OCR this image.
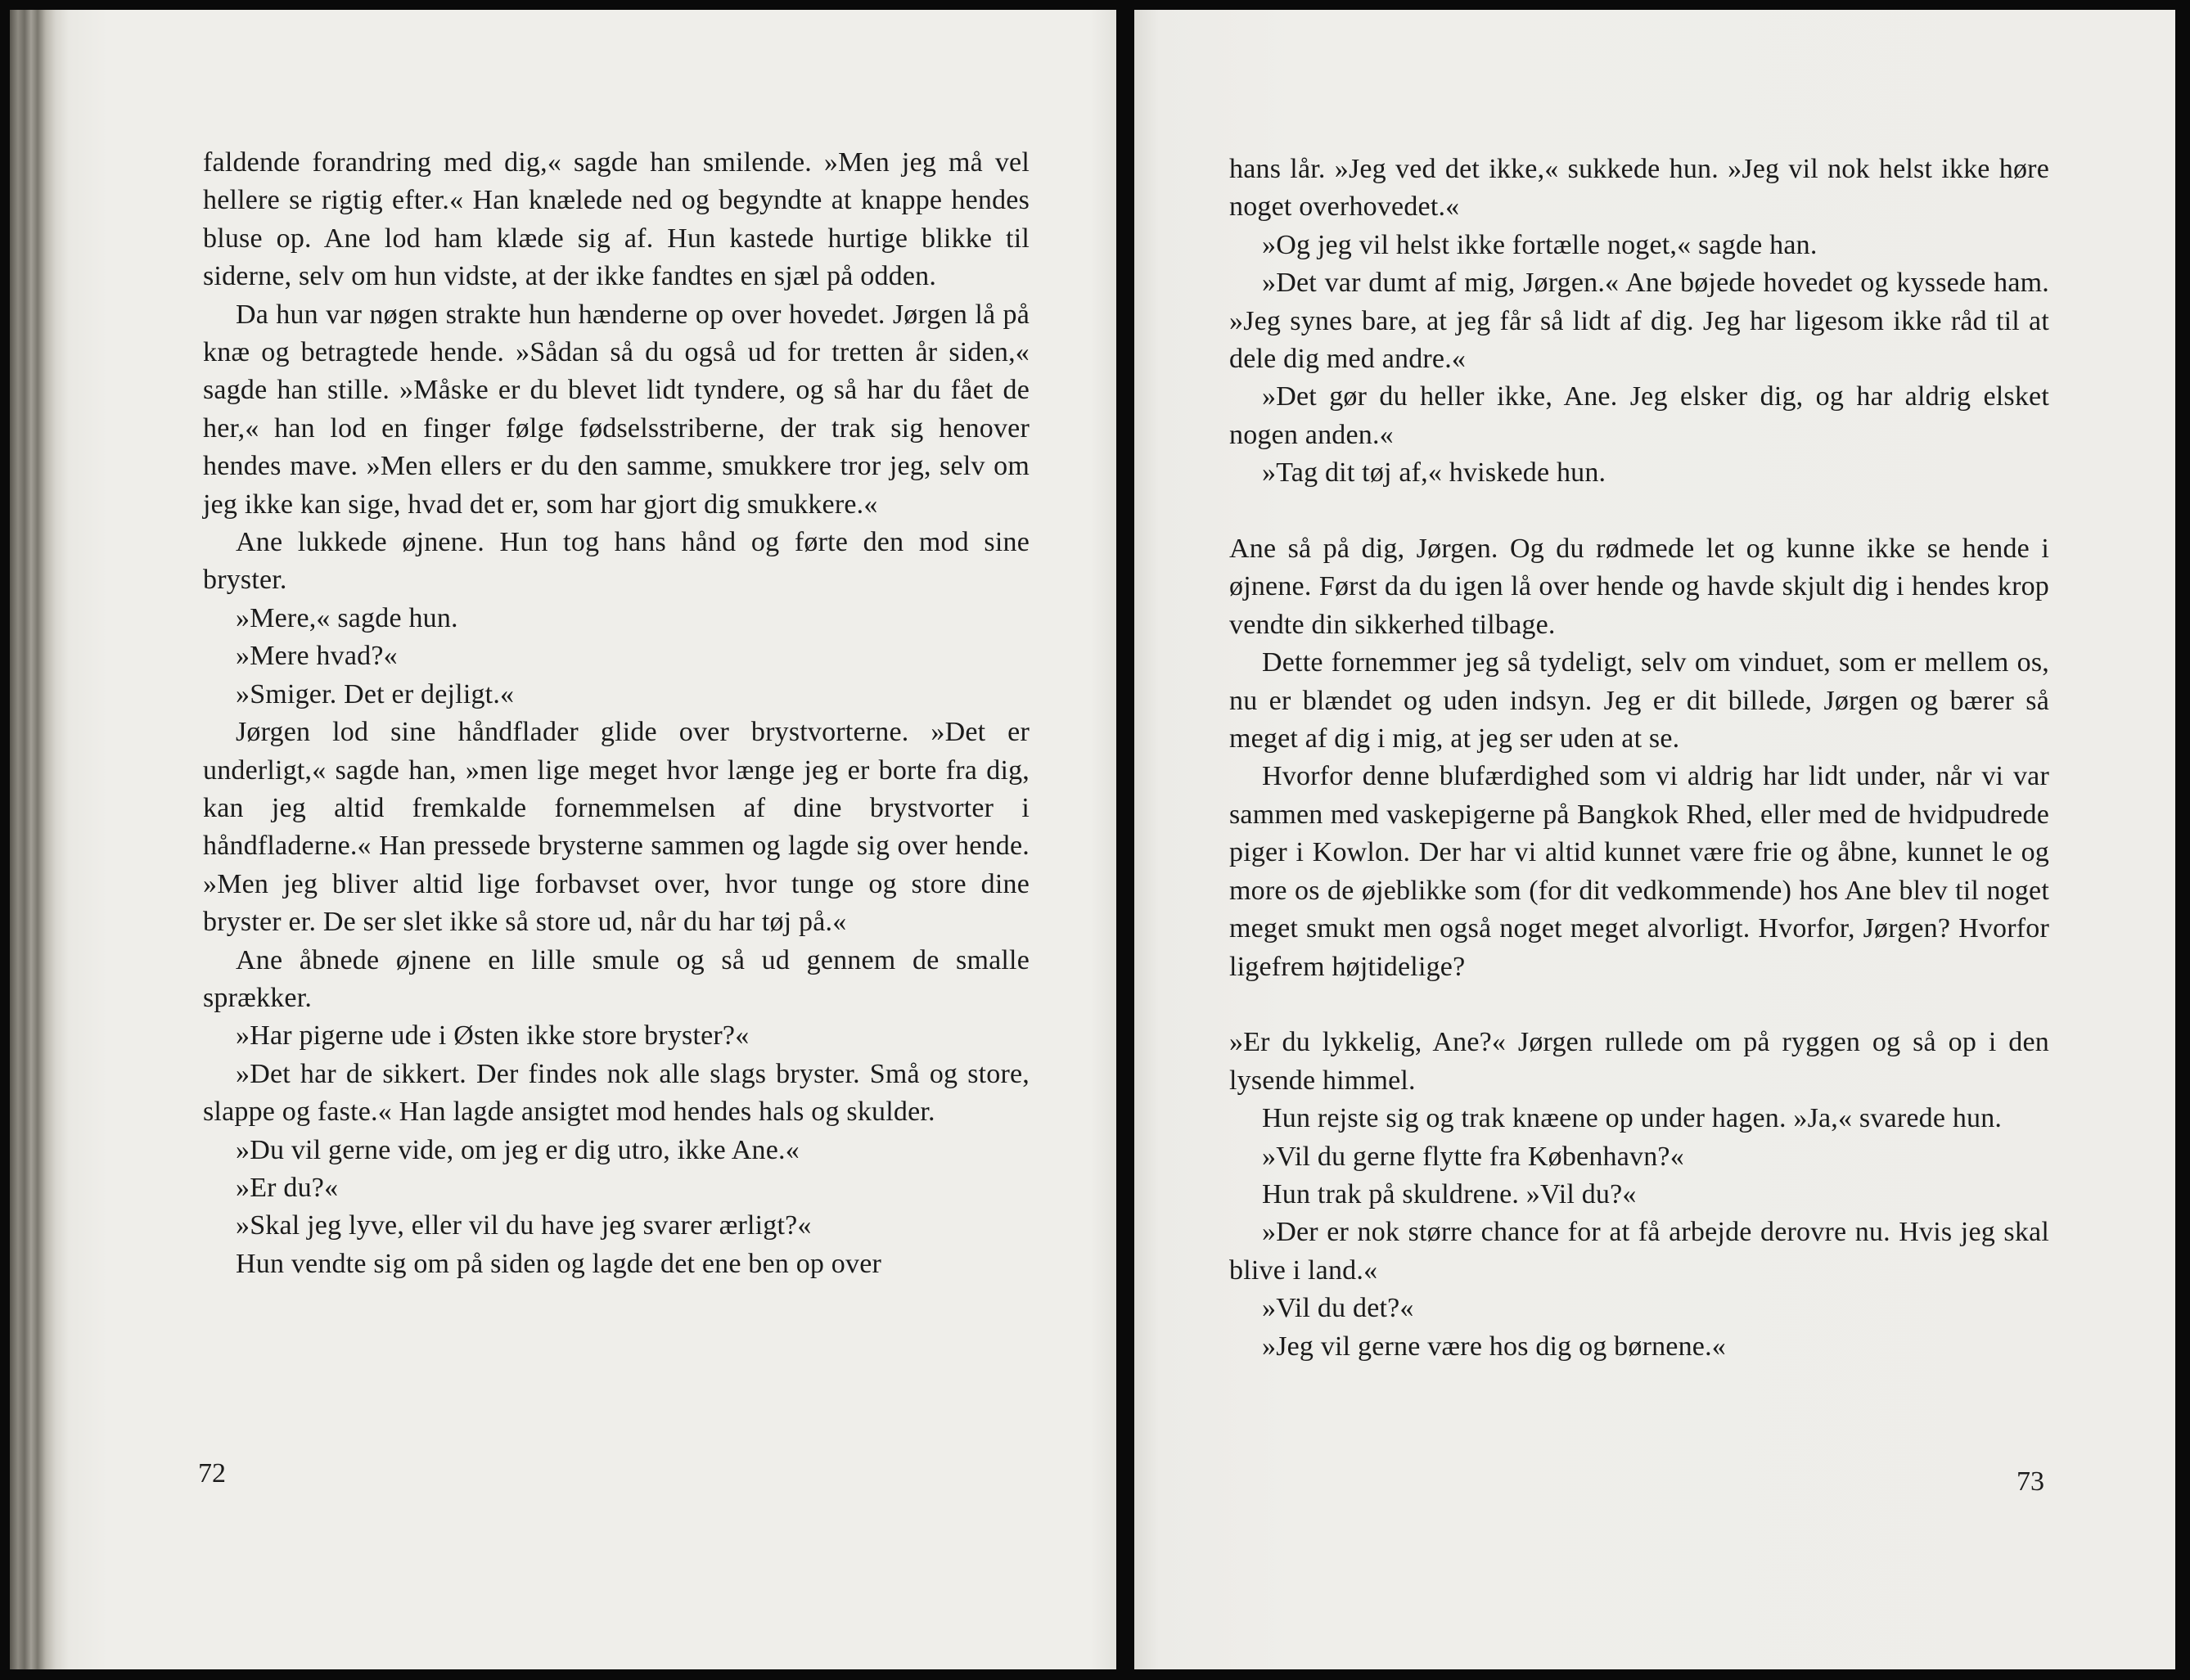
faldende forandring med dig,« sagde han smilende. »Men jeg må vel hellere se rigtig efter.« Han knælede ned og begyndte at knappe hendes bluse op. Ane lod ham klæde sig af. Hun kastede hurtige blikke til siderne, selv om hun vidste, at der ikke fandtes en sjæl på odden.

Da hun var nøgen strakte hun hænderne op over hovedet. Jørgen lå på knæ og betragtede hende. »Sådan så du også ud for tretten år siden,« sagde han stille. »Måske er du blevet lidt tyndere, og så har du fået de her,« han lod en finger følge fødselsstriberne, der trak sig henover hendes mave. »Men ellers er du den samme, smukkere tror jeg, selv om jeg ikke kan sige, hvad det er, som har gjort dig smukkere.«

Ane lukkede øjnene. Hun tog hans hånd og førte den mod sine bryster.

»Mere,« sagde hun.

»Mere hvad?«

»Smiger. Det er dejligt.«

Jørgen lod sine håndflader glide over brystvorterne. »Det er underligt,« sagde han, »men lige meget hvor længe jeg er borte fra dig, kan jeg altid fremkalde fornemmelsen af dine brystvorter i håndfladerne.« Han pressede brysterne sammen og lagde sig over hende. »Men jeg bliver altid lige forbavset over, hvor tunge og store dine bryster er. De ser slet ikke så store ud, når du har tøj på.«

Ane åbnede øjnene en lille smule og så ud gennem de smalle sprækker.

»Har pigerne ude i Østen ikke store bryster?«

»Det har de sikkert. Der findes nok alle slags bryster. Små og store, slappe og faste.« Han lagde ansigtet mod hendes hals og skulder.

»Du vil gerne vide, om jeg er dig utro, ikke Ane.«

»Er du?«

»Skal jeg lyve, eller vil du have jeg svarer ærligt?«

Hun vendte sig om på siden og lagde det ene ben op over

72

hans lår. »Jeg ved det ikke,« sukkede hun. »Jeg vil nok helst ikke høre noget overhovedet.«

»Og jeg vil helst ikke fortælle noget,« sagde han.

»Det var dumt af mig, Jørgen.« Ane bøjede hovedet og kyssede ham. »Jeg synes bare, at jeg får så lidt af dig. Jeg har ligesom ikke råd til at dele dig med andre.«

»Det gør du heller ikke, Ane. Jeg elsker dig, og har aldrig elsket nogen anden.«

»Tag dit tøj af,« hviskede hun.

Ane så på dig, Jørgen. Og du rødmede let og kunne ikke se hende i øjnene. Først da du igen lå over hende og havde skjult dig i hendes krop vendte din sikkerhed tilbage.

Dette fornemmer jeg så tydeligt, selv om vinduet, som er mellem os, nu er blændet og uden indsyn. Jeg er dit billede, Jørgen og bærer så meget af dig i mig, at jeg ser uden at se.

Hvorfor denne blufærdighed som vi aldrig har lidt under, når vi var sammen med vaskepigerne på Bangkok Rhed, eller med de hvidpudrede piger i Kowlon. Der har vi altid kunnet være frie og åbne, kunnet le og more os de øjeblikke som (for dit vedkommende) hos Ane blev til noget meget smukt men også noget meget alvorligt. Hvorfor, Jørgen? Hvorfor ligefrem højtidelige?

»Er du lykkelig, Ane?« Jørgen rullede om på ryggen og så op i den lysende himmel.

Hun rejste sig og trak knæene op under hagen. »Ja,« svarede hun.

»Vil du gerne flytte fra København?«

Hun trak på skuldrene. »Vil du?«

»Der er nok større chance for at få arbejde derovre nu. Hvis jeg skal blive i land.«

»Vil du det?«

»Jeg vil gerne være hos dig og børnene.«

73
